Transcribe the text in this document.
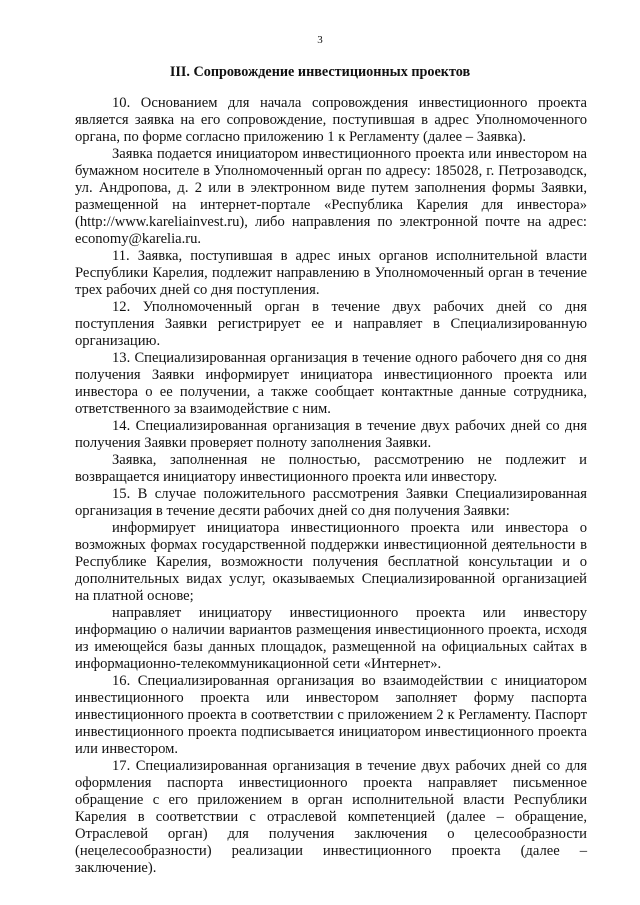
3
III. Сопровождение инвестиционных проектов

10. Основанием для начала сопровождения инвестиционного проекта является заявка на его сопровождение, поступившая в адрес Уполномоченного органа, по форме согласно приложению 1 к Регламенту (далее – Заявка).

Заявка подается инициатором инвестиционного проекта или инвестором на бумажном носителе в Уполномоченный орган по адресу: 185028, г. Петрозаводск, ул. Андропова, д. 2 или в электронном виде путем заполнения формы Заявки, размещенной на интернет-портале «Республика Карелия для инвестора» (http://www.kareliainvest.ru), либо направления по электронной почте на адрес: economy@karelia.ru.

11. Заявка, поступившая в адрес иных органов исполнительной власти Республики Карелия, подлежит направлению в Уполномоченный орган в течение трех рабочих дней со дня поступления.

12. Уполномоченный орган в течение двух рабочих дней со дня поступления Заявки регистрирует ее и направляет в Специализированную организацию.

13. Специализированная организация в течение одного рабочего дня со дня получения Заявки информирует инициатора инвестиционного проекта или инвестора о ее получении, а также сообщает контактные данные сотрудника, ответственного за взаимодействие с ним.

14. Специализированная организация в течение двух рабочих дней со дня получения Заявки проверяет полноту заполнения Заявки.

Заявка, заполненная не полностью, рассмотрению не подлежит и возвращается инициатору инвестиционного проекта или инвестору.

15. В случае положительного рассмотрения Заявки Специализированная организация в течение десяти рабочих дней со дня получения Заявки:

информирует инициатора инвестиционного проекта или инвестора о возможных формах государственной поддержки инвестиционной деятельности в Республике Карелия, возможности получения бесплатной консультации и о дополнительных видах услуг, оказываемых Специализированной организацией на платной основе;

направляет инициатору инвестиционного проекта или инвестору информацию о наличии вариантов размещения инвестиционного проекта, исходя из имеющейся базы данных площадок, размещенной на официальных сайтах в информационно-телекоммуникационной сети «Интернет».

16. Специализированная организация во взаимодействии с инициатором инвестиционного проекта или инвестором заполняет форму паспорта инвестиционного проекта в соответствии с приложением 2 к Регламенту. Паспорт инвестиционного проекта подписывается инициатором инвестиционного проекта или инвестором.

17. Специализированная организация в течение двух рабочих дней со для оформления паспорта инвестиционного проекта направляет письменное обращение с его приложением в орган исполнительной власти Республики Карелия в соответствии с отраслевой компетенцией (далее – обращение, Отраслевой орган) для получения заключения о целесообразности (нецелесообразности) реализации инвестиционного проекта (далее – заключение).
